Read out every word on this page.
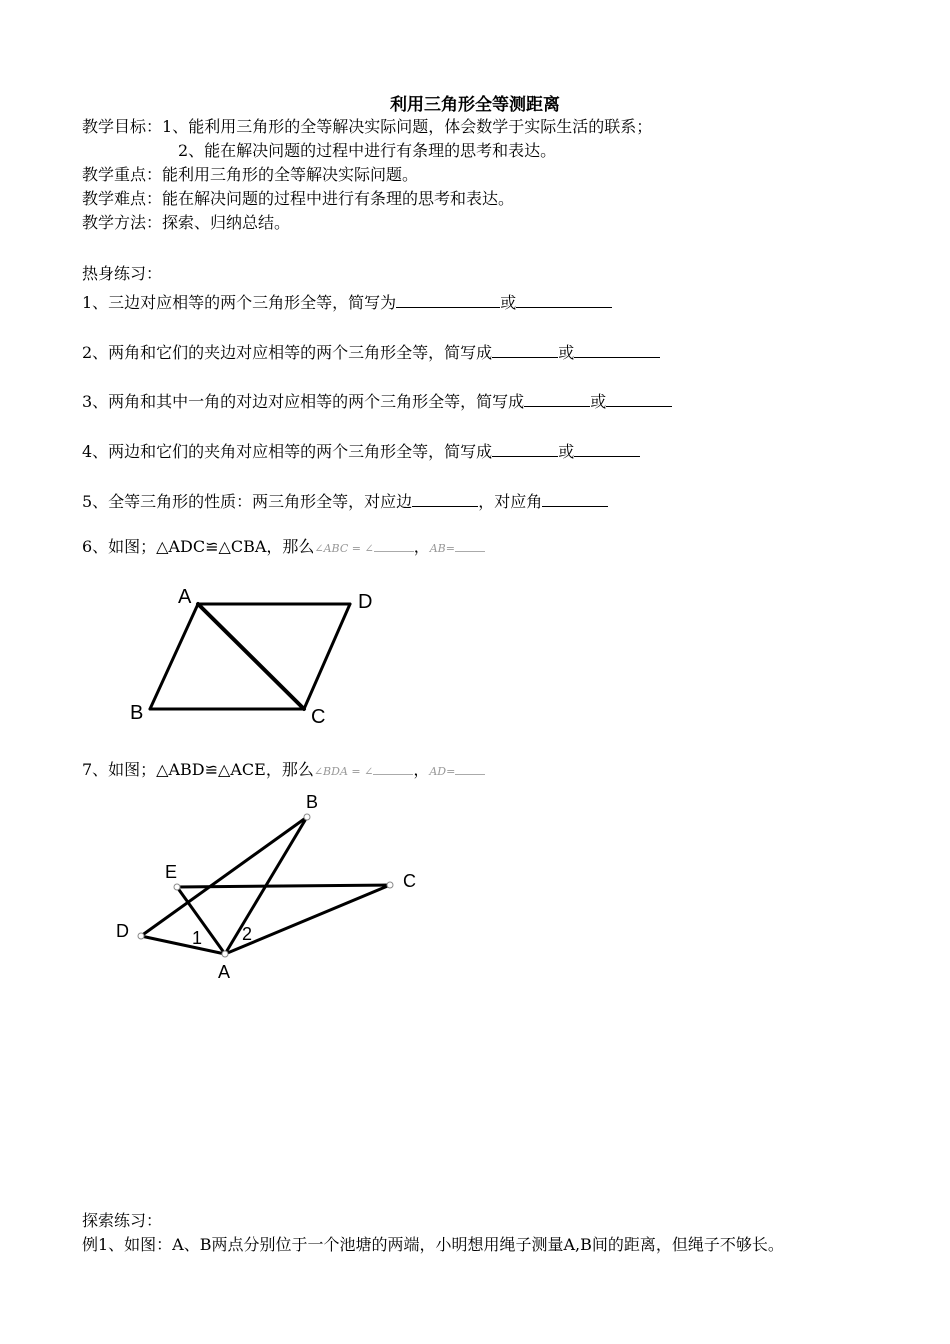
利用三角形全等测距离
教学目标：1、能利用三角形的全等解决实际问题，体会数学于实际生活的联系；
2、能在解决问题的过程中进行有条理的思考和表达。
教学重点：能利用三角形的全等解决实际问题。
教学难点：能在解决问题的过程中进行有条理的思考和表达。
教学方法：探索、归纳总结。
热身练习：
1、三边对应相等的两个三角形全等，简写为	或
2、两角和它们的夹边对应相等的两个三角形全等，简写成	或
3、两角和其中一角的对边对应相等的两个三角形全等，简写成	或
4、两边和它们的夹角对应相等的两个三角形全等，简写成	或
5、全等三角形的性质：两三角形全等，对应边	，对应角
6、如图；△ADC≌△CBA，那么∠ABC = ∠	，AB=
A	D
B	C
7、如图；△ABD≌△ACE，那么∠BDA = ∠	，AD=
B
E	C
D
A
1 2
探索练习：
例1、如图：A、B两点分别位于一个池塘的两端，小明想用绳子测量A,B间的距离，但绳子不够长。
